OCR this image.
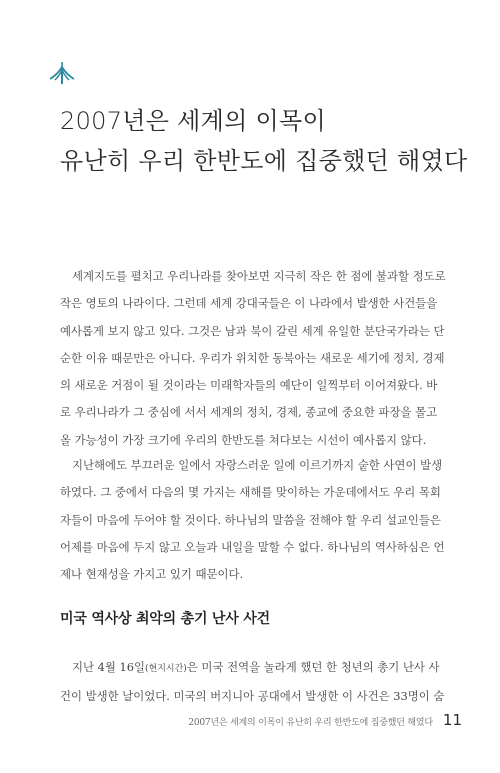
2007년은 세계의 이목이
유난히 우리 한반도에 집중했던 해였다
세계지도를 펼치고 우리나라를 찾아보면 지극히 작은 한 점에 불과할 정도로
작은 영토의 나라이다. 그런데 세계 강대국들은 이 나라에서 발생한 사건들을
예사롭게 보지 않고 있다. 그것은 남과 북이 갈린 세계 유일한 분단국가라는 단
순한 이유 때문만은 아니다. 우리가 위치한 동북아는 새로운 세기에 정치, 경제
의 새로운 거점이 될 것이라는 미래학자들의 예단이 일찍부터 이어져왔다. 바
로 우리나라가 그 중심에 서서 세계의 정치, 경제, 종교에 중요한 파장을 몰고
올 가능성이 가장 크기에 우리의 한반도를 쳐다보는 시선이 예사롭지 않다.
지난해에도 부끄러운 일에서 자랑스러운 일에 이르기까지 숱한 사연이 발생
하였다. 그 중에서 다음의 몇 가지는 새해를 맞이하는 가운데에서도 우리 목회
자들이 마음에 두어야 할 것이다. 하나님의 말씀을 전해야 할 우리 설교인들은
어제를 마음에 두지 않고 오늘과 내일을 말할 수 없다. 하나님의 역사하심은 언
제나 현재성을 가지고 있기 때문이다.
미국 역사상 최악의 총기 난사 사건
지난 4월 16일(현지시간)은 미국 전역을 놀라게 했던 한 청년의 총기 난사 사
건이 발생한 날이었다. 미국의 버지니아 공대에서 발생한 이 사건은 33명이 숨
2007년은 세계의 이목이 유난히 우리 한반도에 집중했던 해였다 11
